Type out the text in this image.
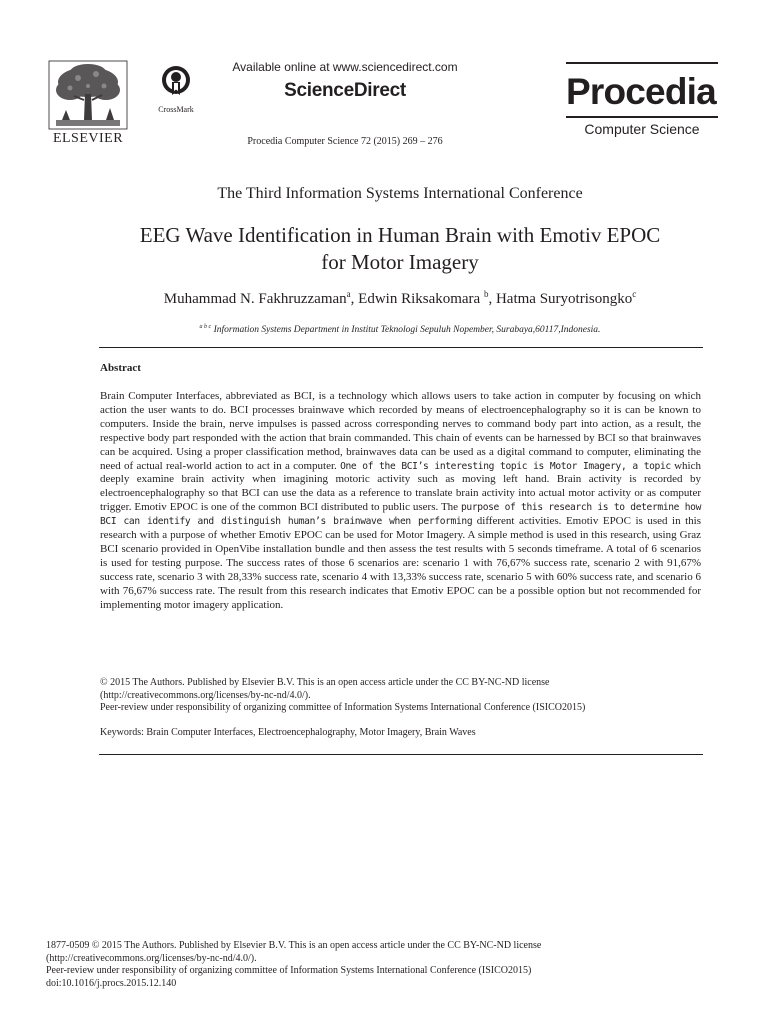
ELSEVIER
CrossMark
Available online at www.sciencedirect.com
ScienceDirect
Procedia Computer Science 72 (2015) 269 – 276
Procedia
Computer Science
The Third Information Systems International Conference
EEG Wave Identification in Human Brain with Emotiv EPOC
for Motor Imagery
Muhammad N. Fakhruzzaman$^a$, Edwin Riksakomara $^b$, Hatma Suryotrisongko$^c$
$^{a b c}$ Information Systems Department in Institut Teknologi Sepuluh Nopember, Surabaya,60117,Indonesia.
Abstract
Brain Computer Interfaces, abbreviated as BCI, is a technology which allows users to take action in computer by focusing on which action the user wants to do. BCI processes brainwave which recorded by means of electroencephalography so it is can be known to computers. Inside the brain, nerve impulses is passed across corresponding nerves to command body part into action, as a result, the respective body part responded with the action that brain commanded. This chain of events can be harnessed by BCI so that brainwaves can be acquired. Using a proper classification method, brainwaves data can be used as a digital command to computer, eliminating the need of actual real-world action to act in a computer. One of the BCI’s interesting topic is Motor Imagery, a topic which deeply examine brain activity when imagining motoric activity such as moving left hand. Brain activity is recorded by electroencephalography so that BCI can use the data as a reference to translate brain activity into actual motor activity or as computer trigger. Emotiv EPOC is one of the common BCI distributed to public users. The purpose of this research is to determine how BCI can identify and distinguish human’s brainwave when performing different activities. Emotiv EPOC is used in this research with a purpose of whether Emotiv EPOC can be used for Motor Imagery. A simple method is used in this research, using Graz BCI scenario provided in OpenVibe installation bundle and then assess the test results with 5 seconds timeframe. A total of 6 scenarios is used for testing purpose. The success rates of those 6 scenarios are: scenario 1 with 76,67% success rate, scenario 2 with 91,67% success rate, scenario 3 with 28,33% success rate, scenario 4 with 13,33% success rate, scenario 5 with 60% success rate, and scenario 6 with 76,67% success rate. The result from this research indicates that Emotiv EPOC can be a possible option but not recommended for implementing motor imagery application.
© 2015 The Authors. Published by Elsevier B.V. This is an open access article under the CC BY-NC-ND license
(http://creativecommons.org/licenses/by-nc-nd/4.0/).
Peer-review under responsibility of organizing committee of Information Systems International Conference (ISICO2015)
Keywords: Brain Computer Interfaces, Electroencephalography, Motor Imagery, Brain Waves
1877-0509 © 2015 The Authors. Published by Elsevier B.V. This is an open access article under the CC BY-NC-ND license
(http://creativecommons.org/licenses/by-nc-nd/4.0/).
Peer-review under responsibility of organizing committee of Information Systems International Conference (ISICO2015)
doi:10.1016/j.procs.2015.12.140
